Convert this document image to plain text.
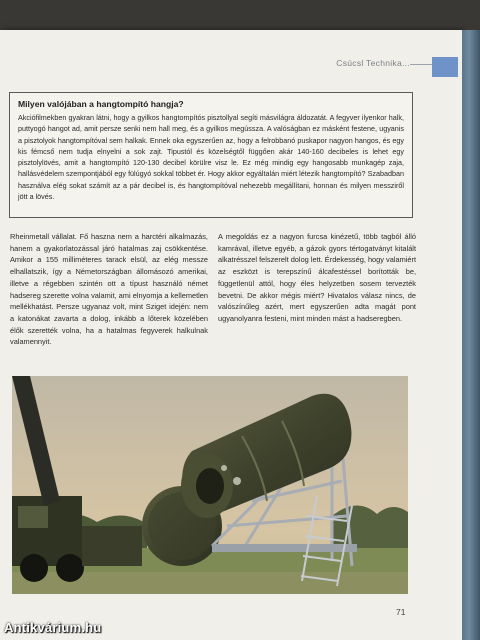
Csúcsl Technika...

Milyen valójában a hangtompító hangja?

Akciófilmekben gyakran látni, hogy a gyilkos hangtompítós pisztollyal segíti másvilágra áldozatát. A fegyver ilyenkor halk, puttyogó hangot ad, amit persze senki nem hall meg, és a gyilkos megússza. A valóságban ez másként festene, ugyanis a pisztolyok hangtompítóval sem halkak. Ennek oka egyszerűen az, hogy a felrobbanó puskapor nagyon hangos, és egy kis fémcső nem tudja elnyelni a sok zajt. Tipustól és közelségtől függően akár 140-160 decibeles is lehet egy pisztolylövés, amit a hangtompító 120-130 decibel körülre visz le. Ez még mindig egy hangosabb munkagép zaja, hallásvédelem szempontjából egy fülúgyó sokkal többet ér. Hogy akkor egyáltalán miért létezik hangtompító? Szabadban használva elég sokat számít az a pár decibel is, és hangtompítóval nehezebb megállítani, honnan és milyen messziről jött a lövés.

Rheinmetall vállalat. Fő haszna nem a harctéri alkalmazás, hanem a gyakorlatozással járó hatalmas zaj csökkentése. Amikor a 155 milliméteres tarack elsül, az elég messze elhallatszik, így a Németországban állomásozó amerikai, illetve a régebben szintén ott a típust használó német hadsereg szerette volna valamit, ami elnyomja a kellemetlen mellékhatást. Persze ugyanaz volt, mint Sziget idején: nem a katonákat zavarta a dolog, inkább a lőterek közelében élők szerették volna, ha a hatalmas fegyverek halkulnak valamennyit.

A megoldás ez a nagyon furcsa kinézetű, több tagból álló kamrával, illetve egyéb, a gázok gyors tértogatványt kitalált alkatrésszel felszerelt dolog lett. Érdekesség, hogy valamiért az eszközt is terepszínű álcafestéssel borították be, függetlenül attól, hogy éles helyzetben sosem tervezték bevetni. De akkor mégis miért? Hivatalos válasz nincs, de valószínűleg azért, mert egyszerűen adta magát pont ugyanolyanra festeni, mint minden mást a hadseregben.

71
Antikvárium.hu
